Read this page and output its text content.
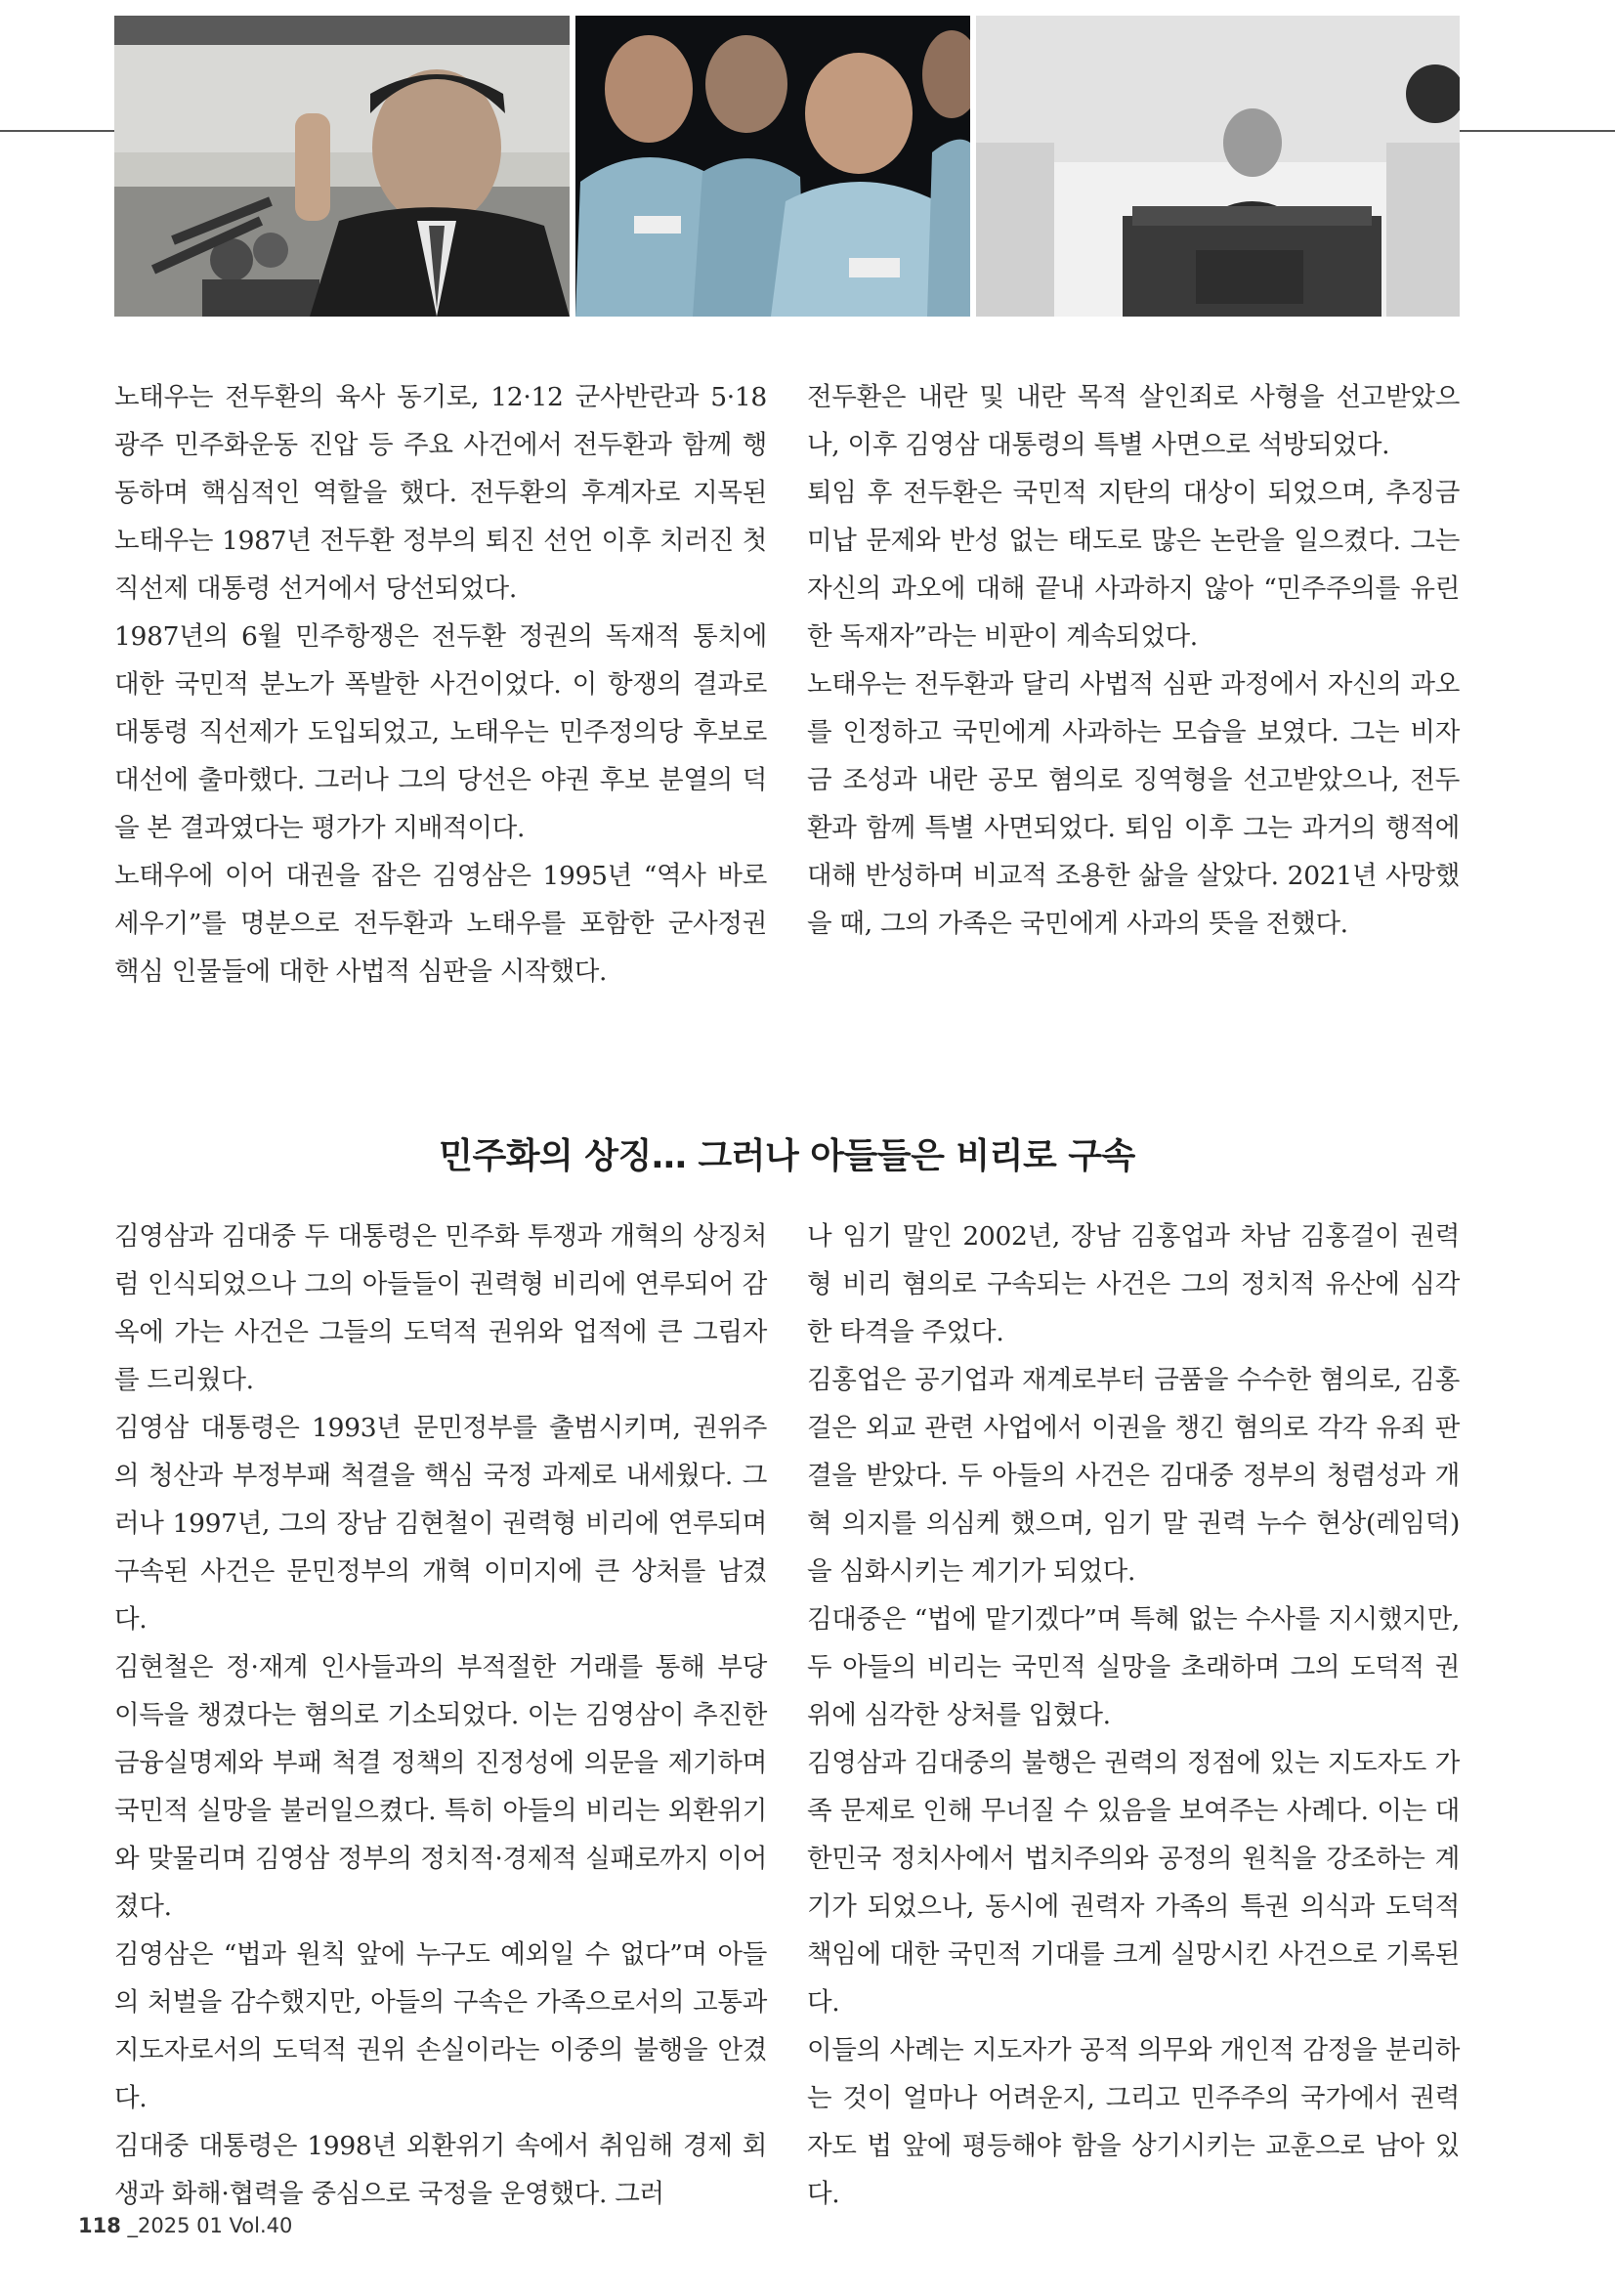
노태우는 전두환의 육사 동기로, 12·12 군사반란과 5·18 광주 민주화운동 진압 등 주요 사건에서 전두환과 함께 행동하며 핵심적인 역할을 했다. 전두환의 후계자로 지목된 노태우는 1987년 전두환 정부의 퇴진 선언 이후 치러진 첫 직선제 대통령 선거에서 당선되었다.

1987년의 6월 민주항쟁은 전두환 정권의 독재적 통치에 대한 국민적 분노가 폭발한 사건이었다. 이 항쟁의 결과로 대통령 직선제가 도입되었고, 노태우는 민주정의당 후보로 대선에 출마했다. 그러나 그의 당선은 야권 후보 분열의 덕을 본 결과였다는 평가가 지배적이다.

노태우에 이어 대권을 잡은 김영삼은 1995년 “역사 바로 세우기”를 명분으로 전두환과 노태우를 포함한 군사정권 핵심 인물들에 대한 사법적 심판을 시작했다.

전두환은 내란 및 내란 목적 살인죄로 사형을 선고받았으나, 이후 김영삼 대통령의 특별 사면으로 석방되었다.

퇴임 후 전두환은 국민적 지탄의 대상이 되었으며, 추징금 미납 문제와 반성 없는 태도로 많은 논란을 일으켰다. 그는 자신의 과오에 대해 끝내 사과하지 않아 “민주주의를 유린한 독재자”라는 비판이 계속되었다.

노태우는 전두환과 달리 사법적 심판 과정에서 자신의 과오를 인정하고 국민에게 사과하는 모습을 보였다. 그는 비자금 조성과 내란 공모 혐의로 징역형을 선고받았으나, 전두환과 함께 특별 사면되었다. 퇴임 이후 그는 과거의 행적에 대해 반성하며 비교적 조용한 삶을 살았다. 2021년 사망했을 때, 그의 가족은 국민에게 사과의 뜻을 전했다.

민주화의 상징… 그러나 아들들은 비리로 구속

김영삼과 김대중 두 대통령은 민주화 투쟁과 개혁의 상징처럼 인식되었으나 그의 아들들이 권력형 비리에 연루되어 감옥에 가는 사건은 그들의 도덕적 권위와 업적에 큰 그림자를 드리웠다.

김영삼 대통령은 1993년 문민정부를 출범시키며, 권위주의 청산과 부정부패 척결을 핵심 국정 과제로 내세웠다. 그러나 1997년, 그의 장남 김현철이 권력형 비리에 연루되며 구속된 사건은 문민정부의 개혁 이미지에 큰 상처를 남겼다.

김현철은 정·재계 인사들과의 부적절한 거래를 통해 부당 이득을 챙겼다는 혐의로 기소되었다. 이는 김영삼이 추진한 금융실명제와 부패 척결 정책의 진정성에 의문을 제기하며 국민적 실망을 불러일으켰다. 특히 아들의 비리는 외환위기와 맞물리며 김영삼 정부의 정치적·경제적 실패로까지 이어졌다.

김영삼은 “법과 원칙 앞에 누구도 예외일 수 없다”며 아들의 처벌을 감수했지만, 아들의 구속은 가족으로서의 고통과 지도자로서의 도덕적 권위 손실이라는 이중의 불행을 안겼다.

김대중 대통령은 1998년 외환위기 속에서 취임해 경제 회생과 화해·협력을 중심으로 국정을 운영했다. 그러

나 임기 말인 2002년, 장남 김홍업과 차남 김홍걸이 권력형 비리 혐의로 구속되는 사건은 그의 정치적 유산에 심각한 타격을 주었다.

김홍업은 공기업과 재계로부터 금품을 수수한 혐의로, 김홍걸은 외교 관련 사업에서 이권을 챙긴 혐의로 각각 유죄 판결을 받았다. 두 아들의 사건은 김대중 정부의 청렴성과 개혁 의지를 의심케 했으며, 임기 말 권력 누수 현상(레임덕)을 심화시키는 계기가 되었다.

김대중은 “법에 맡기겠다”며 특혜 없는 수사를 지시했지만, 두 아들의 비리는 국민적 실망을 초래하며 그의 도덕적 권위에 심각한 상처를 입혔다.

김영삼과 김대중의 불행은 권력의 정점에 있는 지도자도 가족 문제로 인해 무너질 수 있음을 보여주는 사례다. 이는 대한민국 정치사에서 법치주의와 공정의 원칙을 강조하는 계기가 되었으나, 동시에 권력자 가족의 특권 의식과 도덕적 책임에 대한 국민적 기대를 크게 실망시킨 사건으로 기록된다.

이들의 사례는 지도자가 공적 의무와 개인적 감정을 분리하는 것이 얼마나 어려운지, 그리고 민주주의 국가에서 권력자도 법 앞에 평등해야 함을 상기시키는 교훈으로 남아 있다.

118 _2025 01 Vol.40
